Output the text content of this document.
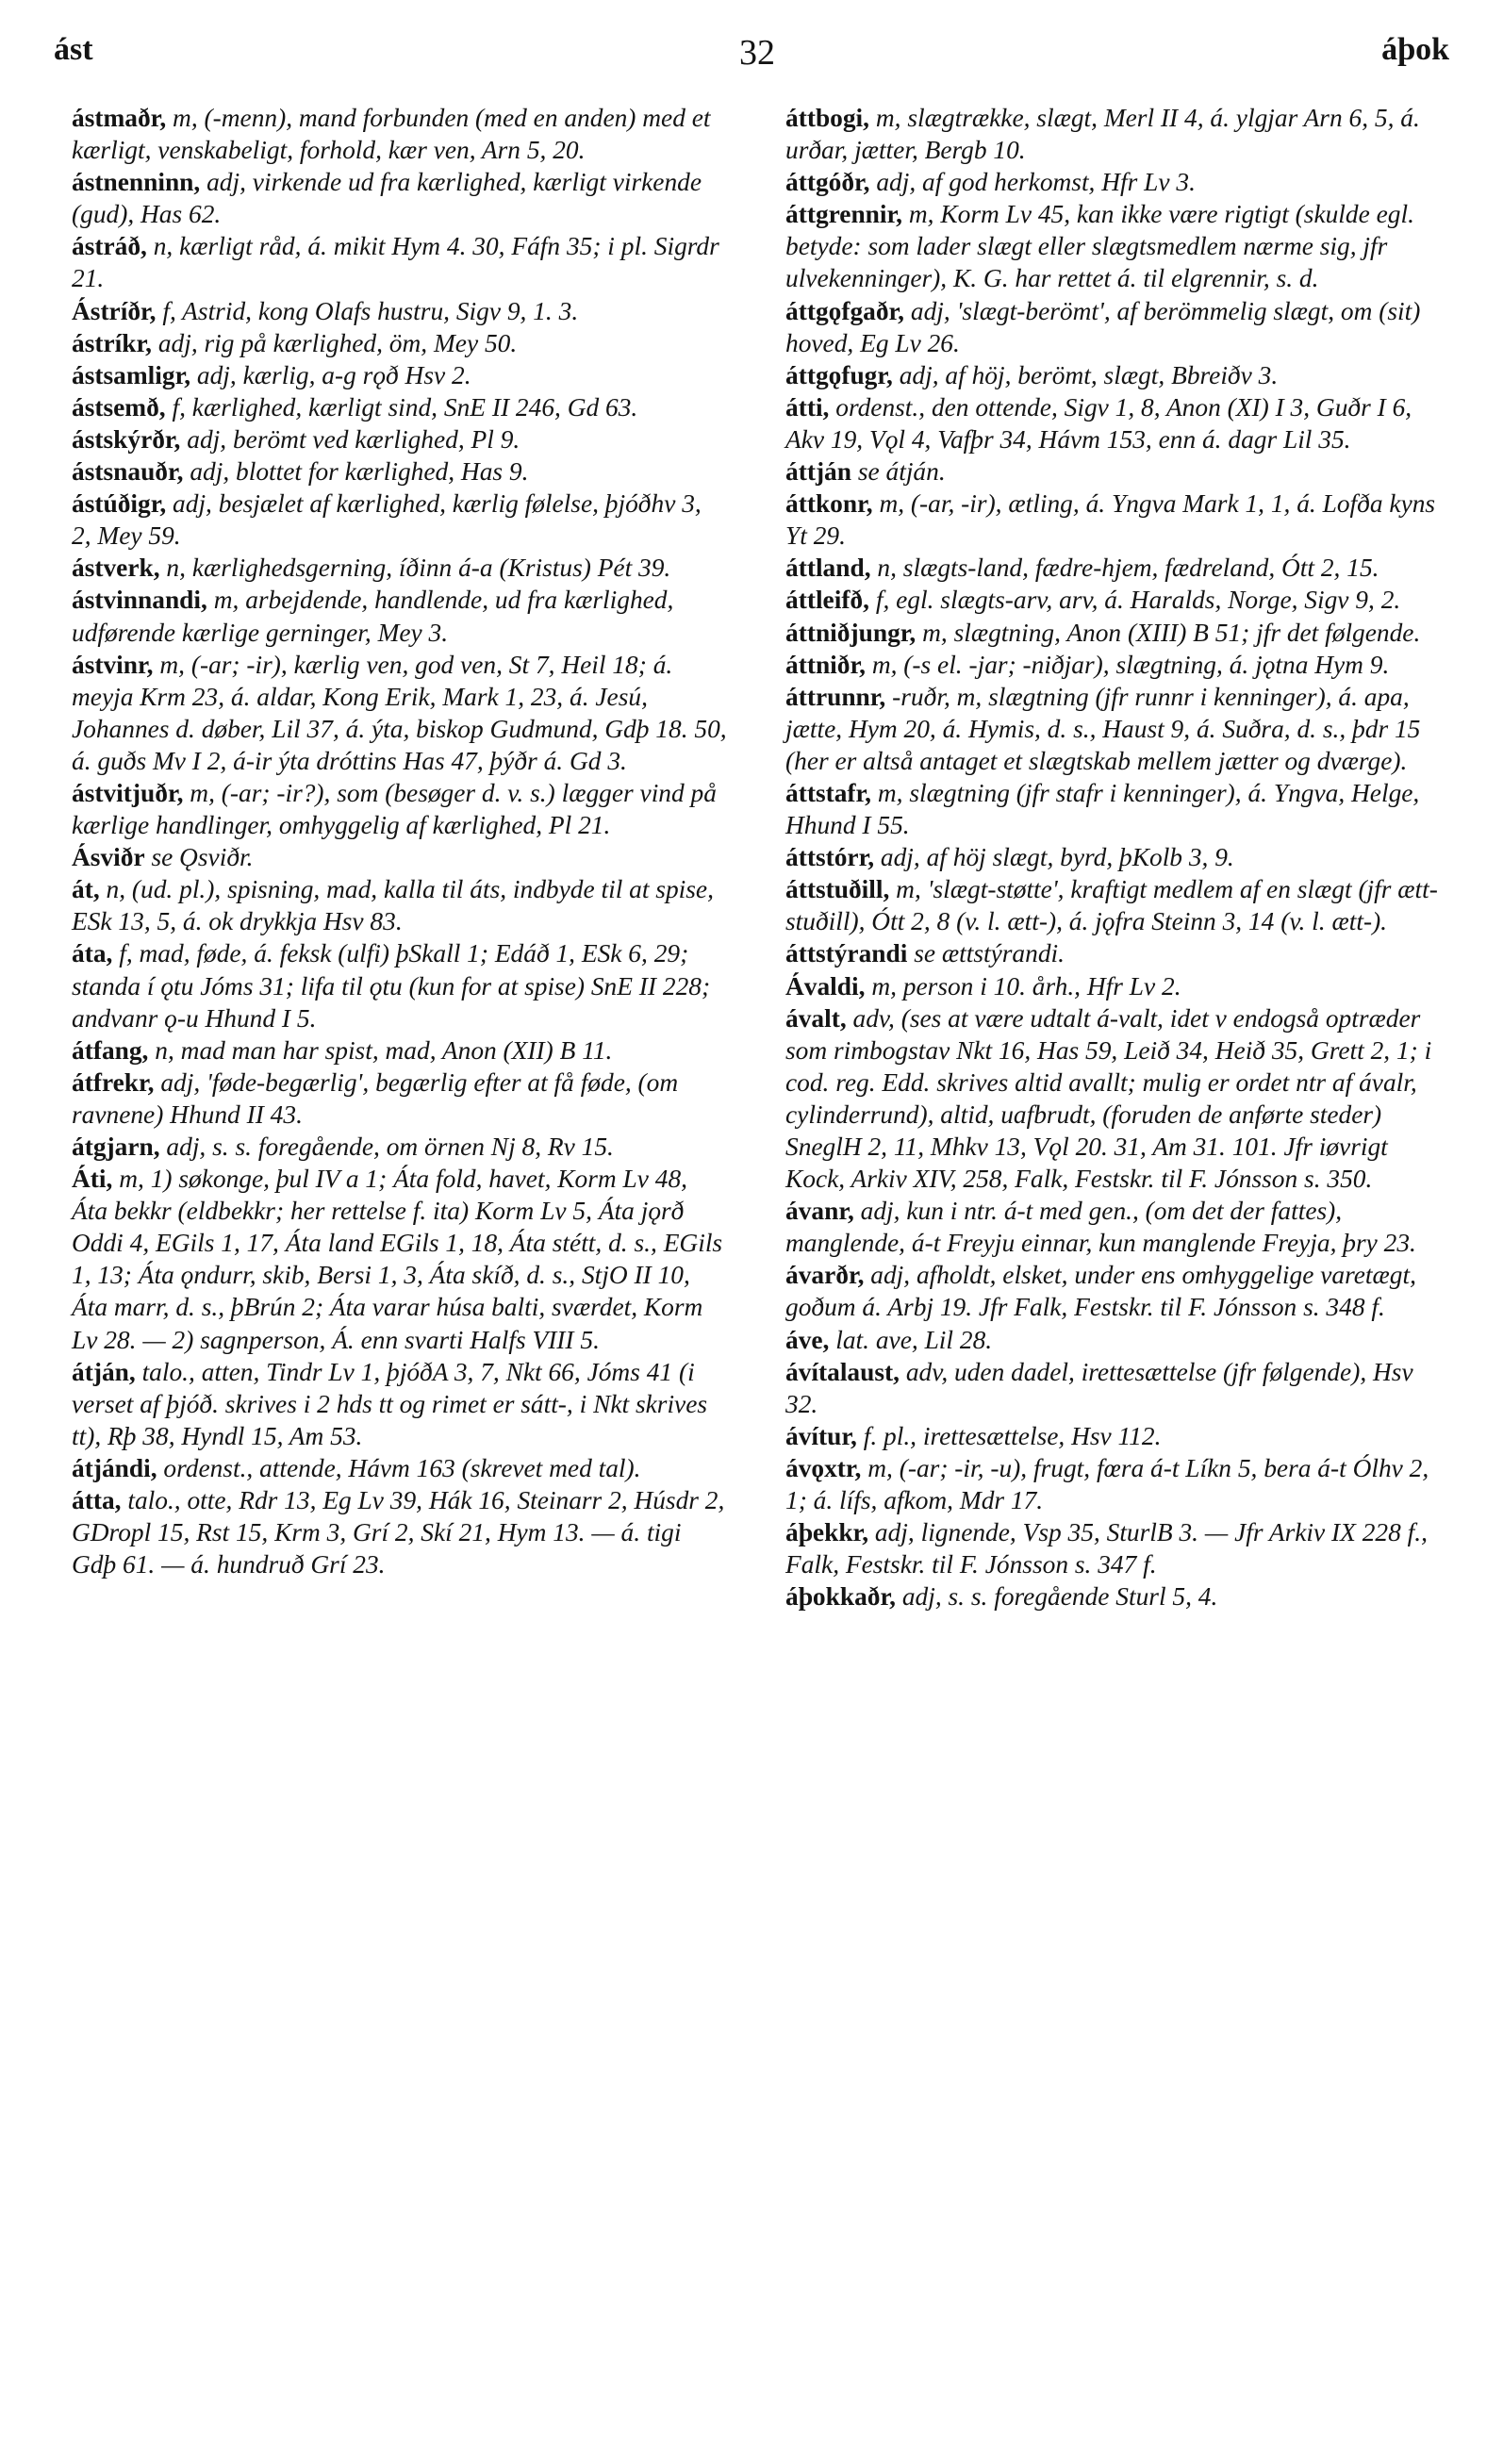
ást	32	áþok

ástmaðr, m, (-menn), mand forbunden (med en anden) med et kærligt, venskabeligt, forhold, kær ven, Arn 5, 20.

ástnenninn, adj, virkende ud fra kærlighed, kærligt virkende (gud), Has 62.

ástráð, n, kærligt råd, á. mikit Hym 4. 30, Fáfn 35; i pl. Sigrdr 21.

Ástríðr, f, Astrid, kong Olafs hustru, Sigv 9, 1. 3.

ástríkr, adj, rig på kærlighed, öm, Mey 50.

ástsamligr, adj, kærlig, a-g rǫð Hsv 2.

ástsemð, f, kærlighed, kærligt sind, SnE II 246, Gd 63.

ástskýrðr, adj, berömt ved kærlighed, Pl 9.

ástsnauðr, adj, blottet for kærlighed, Has 9.

ástúðigr, adj, besjælet af kærlighed, kærlig følelse, þjóðhv 3, 2, Mey 59.

ástverk, n, kærlighedsgerning, íðinn á-a (Kristus) Pét 39.

ástvinnandi, m, arbejdende, handlende, ud fra kærlighed, udførende kærlige gerninger, Mey 3.

ástvinr, m, (-ar; -ir), kærlig ven, god ven, St 7, Heil 18; á. meyja Krm 23, á. aldar, Kong Erik, Mark 1, 23, á. Jesú, Johannes d. døber, Lil 37, á. ýta, biskop Gudmund, Gdþ 18. 50, á. guðs Mv I 2, á-ir ýta dróttins Has 47, þýðr á. Gd 3.

ástvitjuðr, m, (-ar; -ir?), som (besøger d. v. s.) lægger vind på kærlige handlinger, omhyggelig af kærlighed, Pl 21.

Ásviðr se Ǫsviðr.

át, n, (ud. pl.), spisning, mad, kalla til áts, indbyde til at spise, ESk 13, 5, á. ok drykkja Hsv 83.

áta, f, mad, føde, á. feksk (ulfi) þSkall 1; Edáð 1, ESk 6, 29; standa í ǫtu Jóms 31; lifa til ǫtu (kun for at spise) SnE II 228; andvanr ǫ-u Hhund I 5.

átfang, n, mad man har spist, mad, Anon (XII) B 11.

átfrekr, adj, 'føde-begærlig', begærlig efter at få føde, (om ravnene) Hhund II 43.

átgjarn, adj, s. s. foregående, om örnen Nj 8, Rv 15.

Áti, m, 1) søkonge, þul IV a 1; Áta fold, havet, Korm Lv 48, Áta bekkr (eldbekkr; her rettelse f. ita) Korm Lv 5, Áta jǫrð Oddi 4, EGils 1, 17, Áta land EGils 1, 18, Áta stétt, d. s., EGils 1, 13; Áta ǫndurr, skib, Bersi 1, 3, Áta skíð, d. s., StjO II 10, Áta marr, d. s., þBrún 2; Áta varar húsa balti, sværdet, Korm Lv 28. — 2) sagnperson, Á. enn svarti Halfs VIII 5.

átján, talo., atten, Tindr Lv 1, þjóðA 3, 7, Nkt 66, Jóms 41 (i verset af þjóð. skrives i 2 hds tt og rimet er sátt-, i Nkt skrives tt), Rþ 38, Hyndl 15, Am 53.

átjándi, ordenst., attende, Hávm 163 (skrevet med tal).

átta, talo., otte, Rdr 13, Eg Lv 39, Hák 16, Steinarr 2, Húsdr 2, GDropl 15, Rst 15, Krm 3, Grí 2, Skí 21, Hym 13. — á. tigi Gdþ 61. — á. hundruð Grí 23.

áttbogi, m, slægtrække, slægt, Merl II 4, á. ylgjar Arn 6, 5, á. urðar, jætter, Bergb 10.

áttgóðr, adj, af god herkomst, Hfr Lv 3.

áttgrennir, m, Korm Lv 45, kan ikke være rigtigt (skulde egl. betyde: som lader slægt eller slægtsmedlem nærme sig, jfr ulvekenninger), K. G. har rettet á. til elgrennir, s. d.

áttgǫfgaðr, adj, 'slægt-berömt', af berömmelig slægt, om (sit) hoved, Eg Lv 26.

áttgǫfugr, adj, af höj, berömt, slægt, Bbreiðv 3.

átti, ordenst., den ottende, Sigv 1, 8, Anon (XI) I 3, Guðr I 6, Akv 19, Vǫl 4, Vafþr 34, Hávm 153, enn á. dagr Lil 35.

áttján se átján.

áttkonr, m, (-ar, -ir), ætling, á. Yngva Mark 1, 1, á. Lofða kyns Yt 29.

áttland, n, slægts-land, fædre-hjem, fædreland, Ótt 2, 15.

áttleifð, f, egl. slægts-arv, arv, á. Haralds, Norge, Sigv 9, 2.

áttniðjungr, m, slægtning, Anon (XIII) B 51; jfr det følgende.

áttniðr, m, (-s el. -jar; -niðjar), slægtning, á. jǫtna Hym 9.

áttrunnr, -ruðr, m, slægtning (jfr runnr i kenninger), á. apa, jætte, Hym 20, á. Hymis, d. s., Haust 9, á. Suðra, d. s., þdr 15 (her er altså antaget et slægtskab mellem jætter og dværge).

áttstafr, m, slægtning (jfr stafr i kenninger), á. Yngva, Helge, Hhund I 55.

áttstórr, adj, af höj slægt, byrd, þKolb 3, 9.

áttstuðill, m, 'slægt-støtte', kraftigt medlem af en slægt (jfr ætt-stuðill), Ótt 2, 8 (v. l. ætt-), á. jǫfra Steinn 3, 14 (v. l. ætt-).

áttstýrandi se ættstýrandi.

Ávaldi, m, person i 10. årh., Hfr Lv 2.

ávalt, adv, (ses at være udtalt á-valt, idet v endogså optræder som rimbogstav Nkt 16, Has 59, Leið 34, Heið 35, Grett 2, 1; i cod. reg. Edd. skrives altid avallt; mulig er ordet ntr af ávalr, cylinderrund), altid, uafbrudt, (foruden de anførte steder) SneglH 2, 11, Mhkv 13, Vǫl 20. 31, Am 31. 101. Jfr iøvrigt Kock, Arkiv XIV, 258, Falk, Festskr. til F. Jónsson s. 350.

ávanr, adj, kun i ntr. á-t med gen., (om det der fattes), manglende, á-t Freyju einnar, kun manglende Freyja, þry 23.

ávarðr, adj, afholdt, elsket, under ens omhyggelige varetægt, goðum á. Arbj 19. Jfr Falk, Festskr. til F. Jónsson s. 348 f.

áve, lat. ave, Lil 28.

ávítalaust, adv, uden dadel, irettesættelse (jfr følgende), Hsv 32.

ávítur, f. pl., irettesættelse, Hsv 112.

ávǫxtr, m, (-ar; -ir, -u), frugt, fœra á-t Líkn 5, bera á-t Ólhv 2, 1; á. lífs, afkom, Mdr 17.

áþekkr, adj, lignende, Vsp 35, SturlB 3. — Jfr Arkiv IX 228 f., Falk, Festskr. til F. Jónsson s. 347 f.

áþokkaðr, adj, s. s. foregående Sturl 5, 4.
